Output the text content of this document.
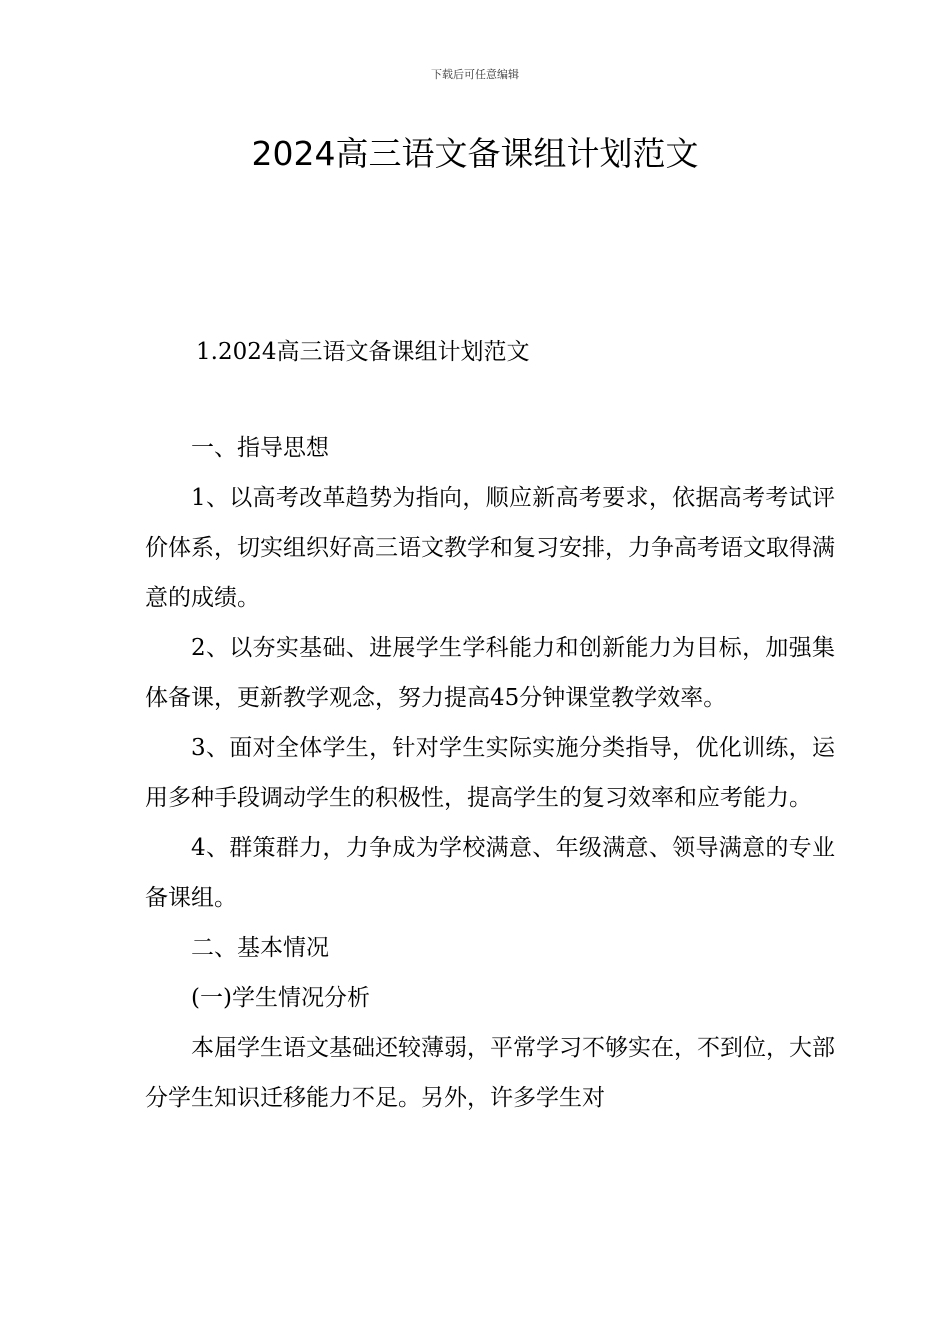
下载后可任意编辑
2024高三语文备课组计划范文
1.2024高三语文备课组计划范文

一、指导思想

1、以高考改革趋势为指向，顺应新高考要求，依据高考考试评价体系，切实组织好高三语文教学和复习安排，力争高考语文取得满意的成绩。

2、以夯实基础、进展学生学科能力和创新能力为目标，加强集体备课，更新教学观念，努力提高45分钟课堂教学效率。

3、面对全体学生，针对学生实际实施分类指导，优化训练，运用多种手段调动学生的积极性，提高学生的复习效率和应考能力。

4、群策群力，力争成为学校满意、年级满意、领导满意的专业备课组。

二、基本情况

(一)学生情况分析

本届学生语文基础还较薄弱，平常学习不够实在，不到位，大部分学生知识迁移能力不足。另外，许多学生对
